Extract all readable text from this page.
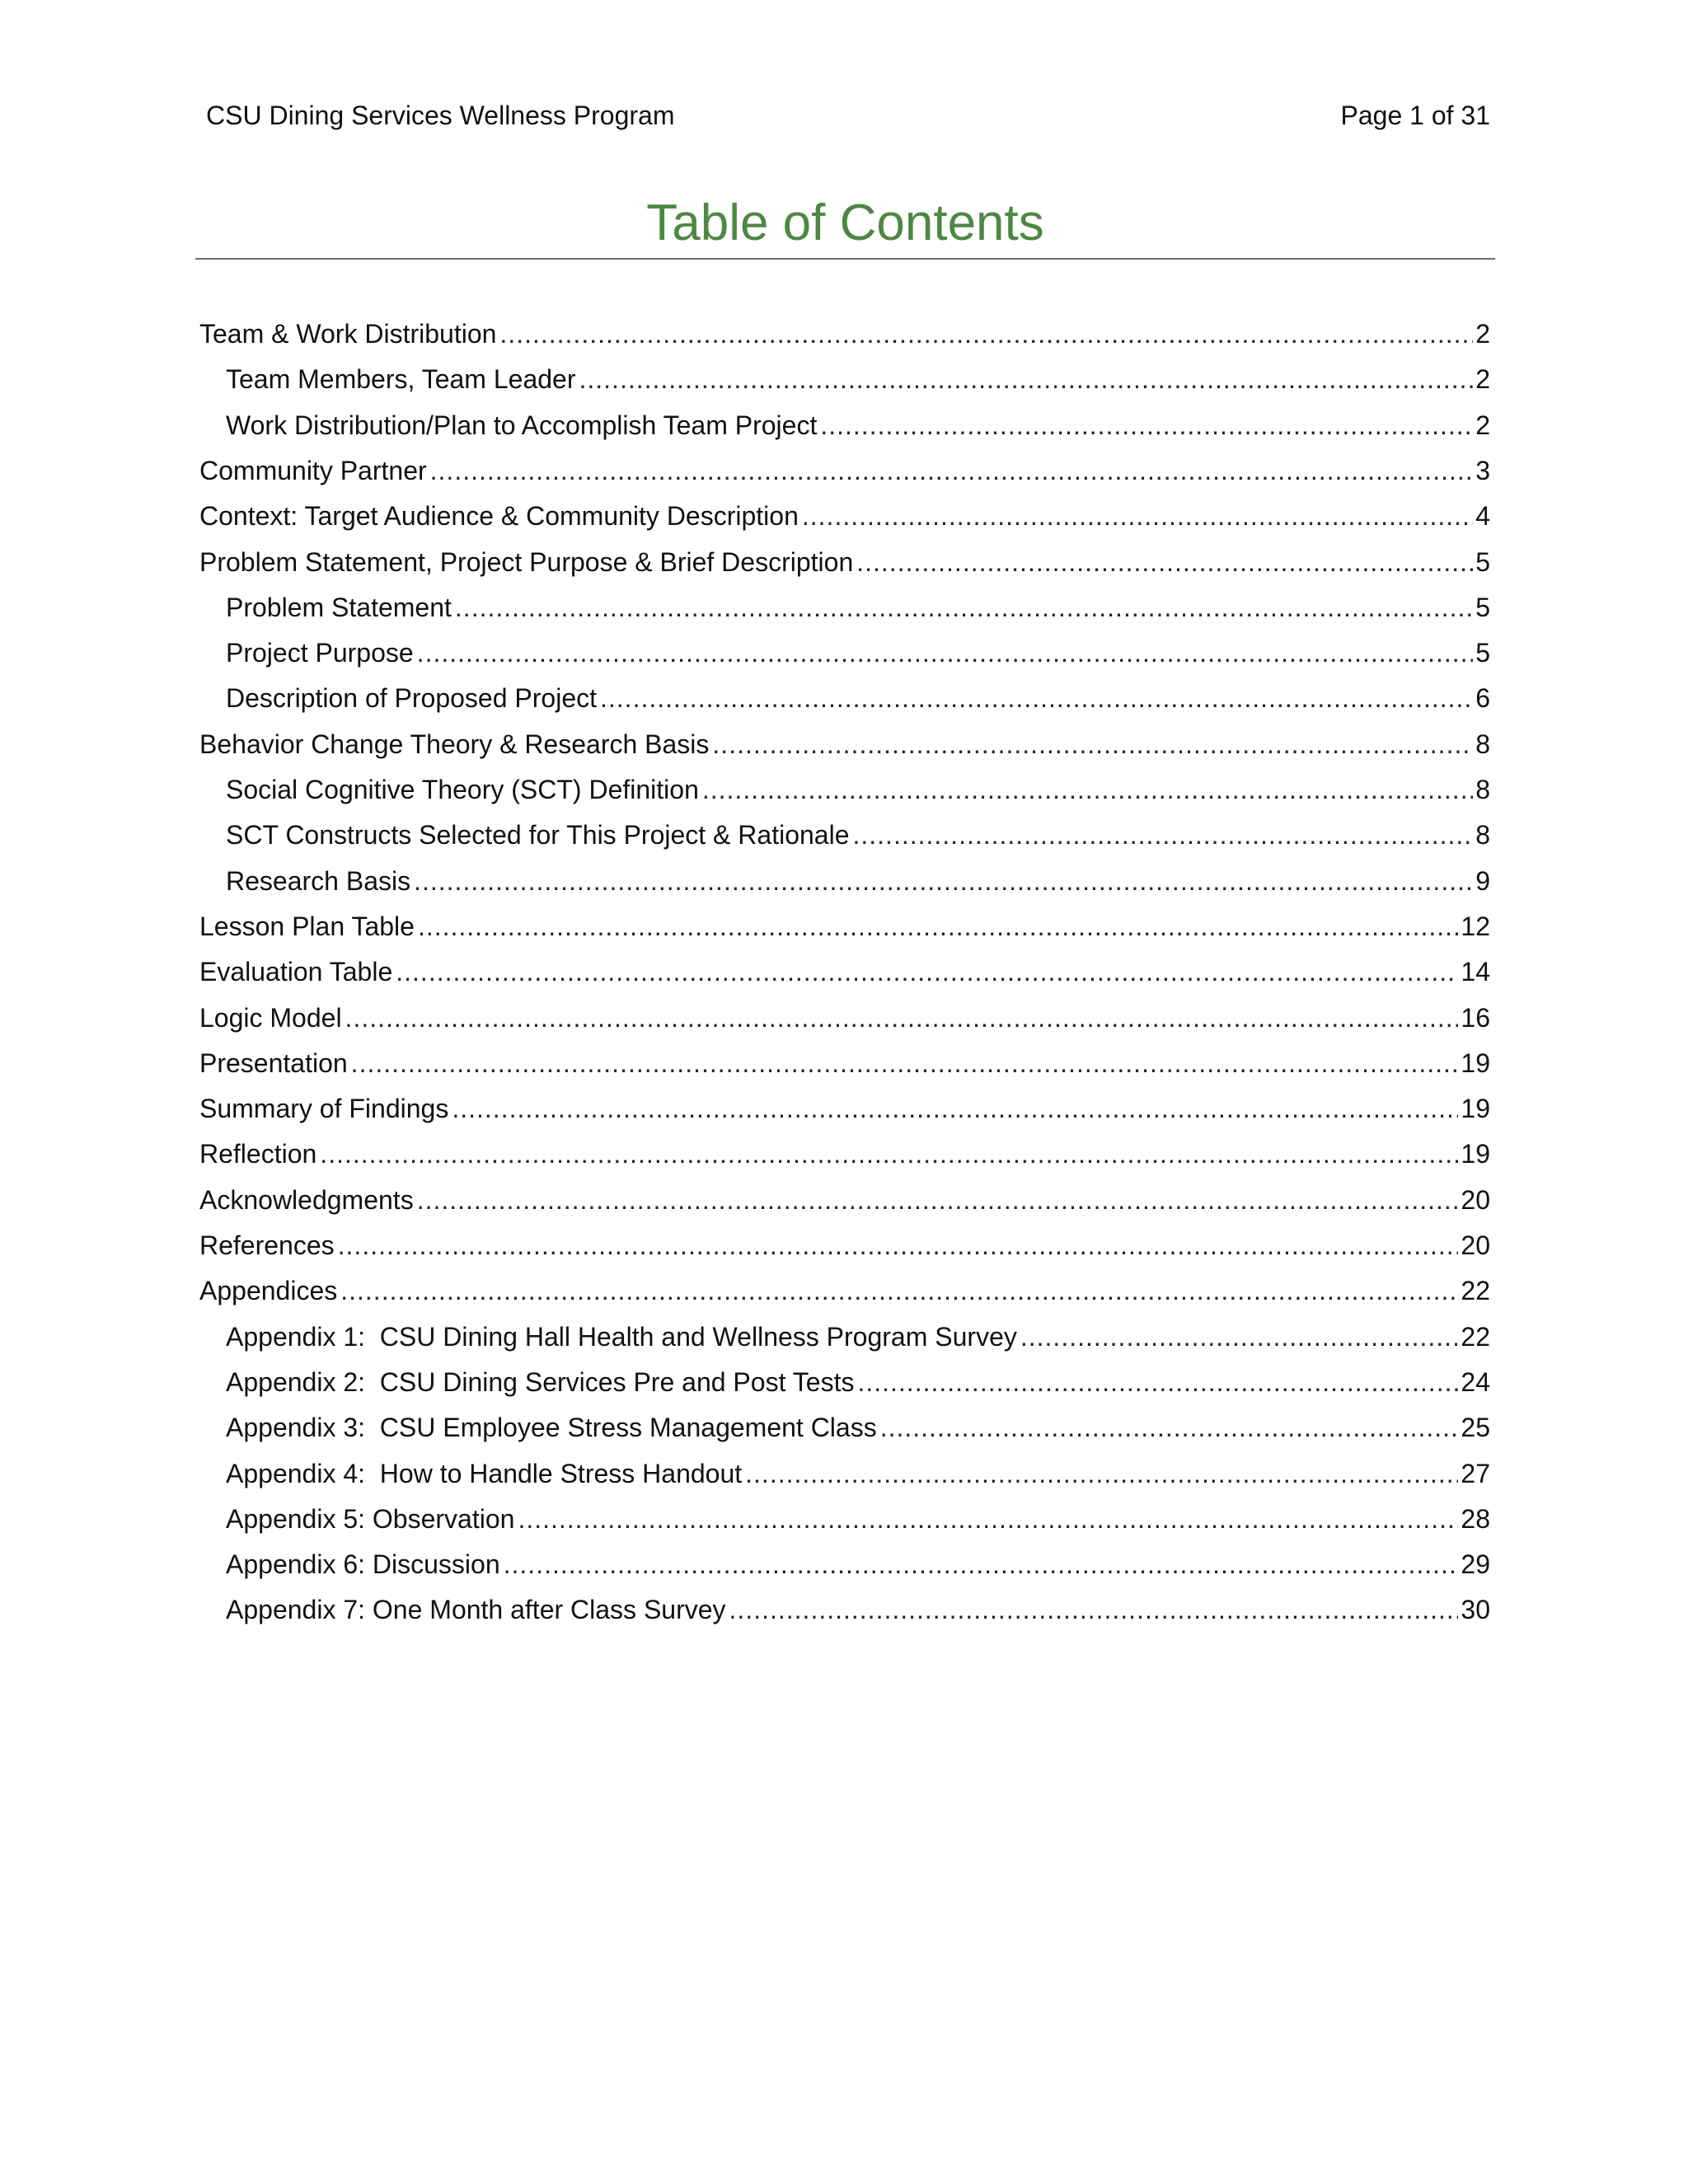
CSU Dining Services Wellness Program	Page 1 of 31
Table of Contents
Team & Work Distribution .....	2
Team Members, Team Leader .....	2
Work Distribution/Plan to Accomplish Team Project .....	2
Community Partner .....	3
Context: Target Audience & Community Description .....	4
Problem Statement, Project Purpose & Brief Description .....	5
Problem Statement .....	5
Project Purpose .....	5
Description of Proposed Project .....	6
Behavior Change Theory & Research Basis .....	8
Social Cognitive Theory (SCT) Definition .....	8
SCT Constructs Selected for This Project & Rationale .....	8
Research Basis .....	9
Lesson Plan Table .....	12
Evaluation Table .....	14
Logic Model .....	16
Presentation .....	19
Summary of Findings .....	19
Reflection .....	19
Acknowledgments .....	20
References .....	20
Appendices .....	22
Appendix 1:  CSU Dining Hall Health and Wellness Program Survey .....	22
Appendix 2:  CSU Dining Services Pre and Post Tests .....	24
Appendix 3:  CSU Employee Stress Management Class .....	25
Appendix 4:  How to Handle Stress Handout .....	27
Appendix 5: Observation .....	28
Appendix 6: Discussion .....	29
Appendix 7: One Month after Class Survey .....	30
